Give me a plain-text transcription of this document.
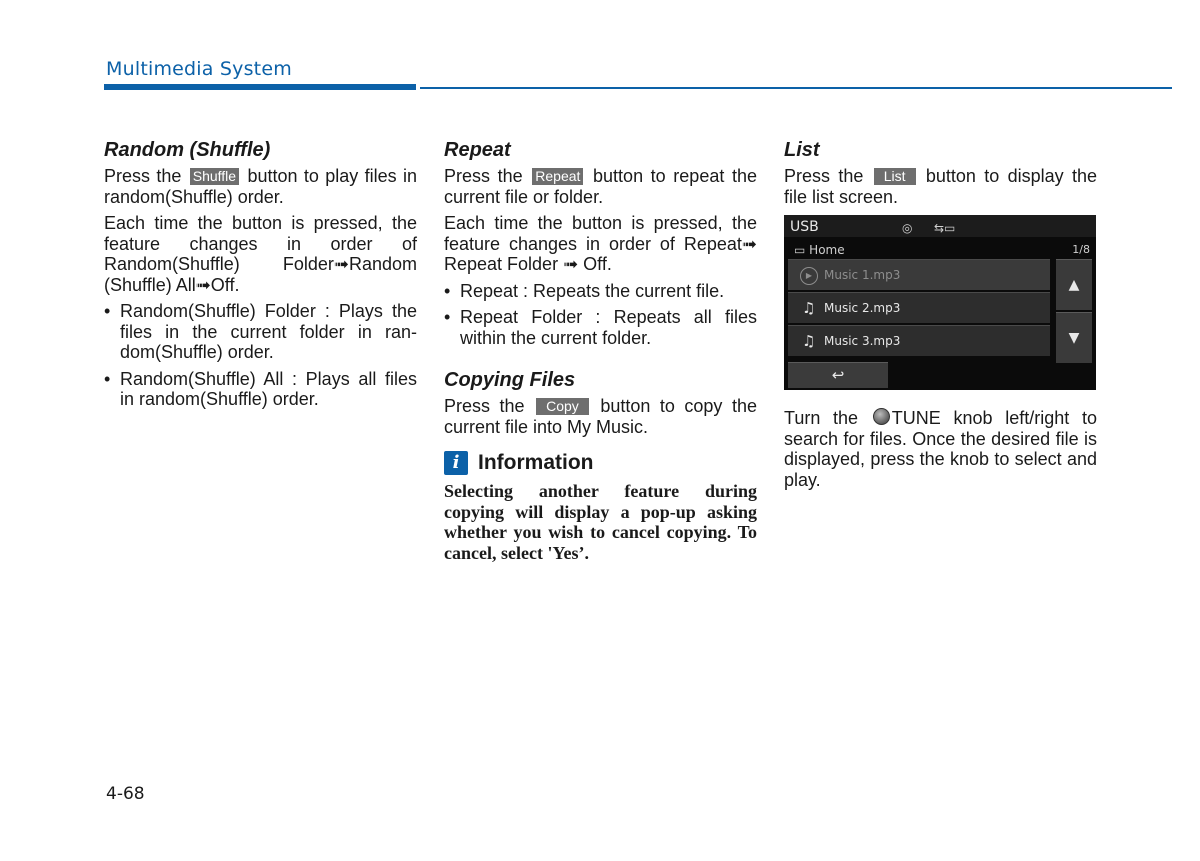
Multimedia System
Random (Shuffle)

Press the Shuffle button to play files in random(Shuffle) order.

Each time the button is pressed, the feature changes in order of Random(Shuffle) Folder➟Random (Shuffle) All➟Off.

• Random(Shuffle) Folder : Plays the files in the current folder in ran-dom(Shuffle) order.
• Random(Shuffle) All : Plays all files in random(Shuffle) order.
Repeat

Press the Repeat button to repeat the current file or folder.

Each time the button is pressed, the feature changes in order of Repeat➟ Repeat Folder ➟ Off.

• Repeat : Repeats the current file.
• Repeat Folder : Repeats all files within the current folder.
Copying Files

Press the Copy button to copy the current file into My Music.

i Information

Selecting another feature during copying will display a pop-up asking whether you wish to cancel copying. To cancel, select 'Yes’.

List

Press the List button to display the file list screen.

USB	◎ ⇆▭
▭ Home	1/8
▶ Music 1.mp3
♫ Music 2.mp3
♫ Music 3.mp3
▲
▼
↩

Turn the TUNE knob left/right to search for files. Once the desired file is displayed, press the knob to select and play.

4-68
